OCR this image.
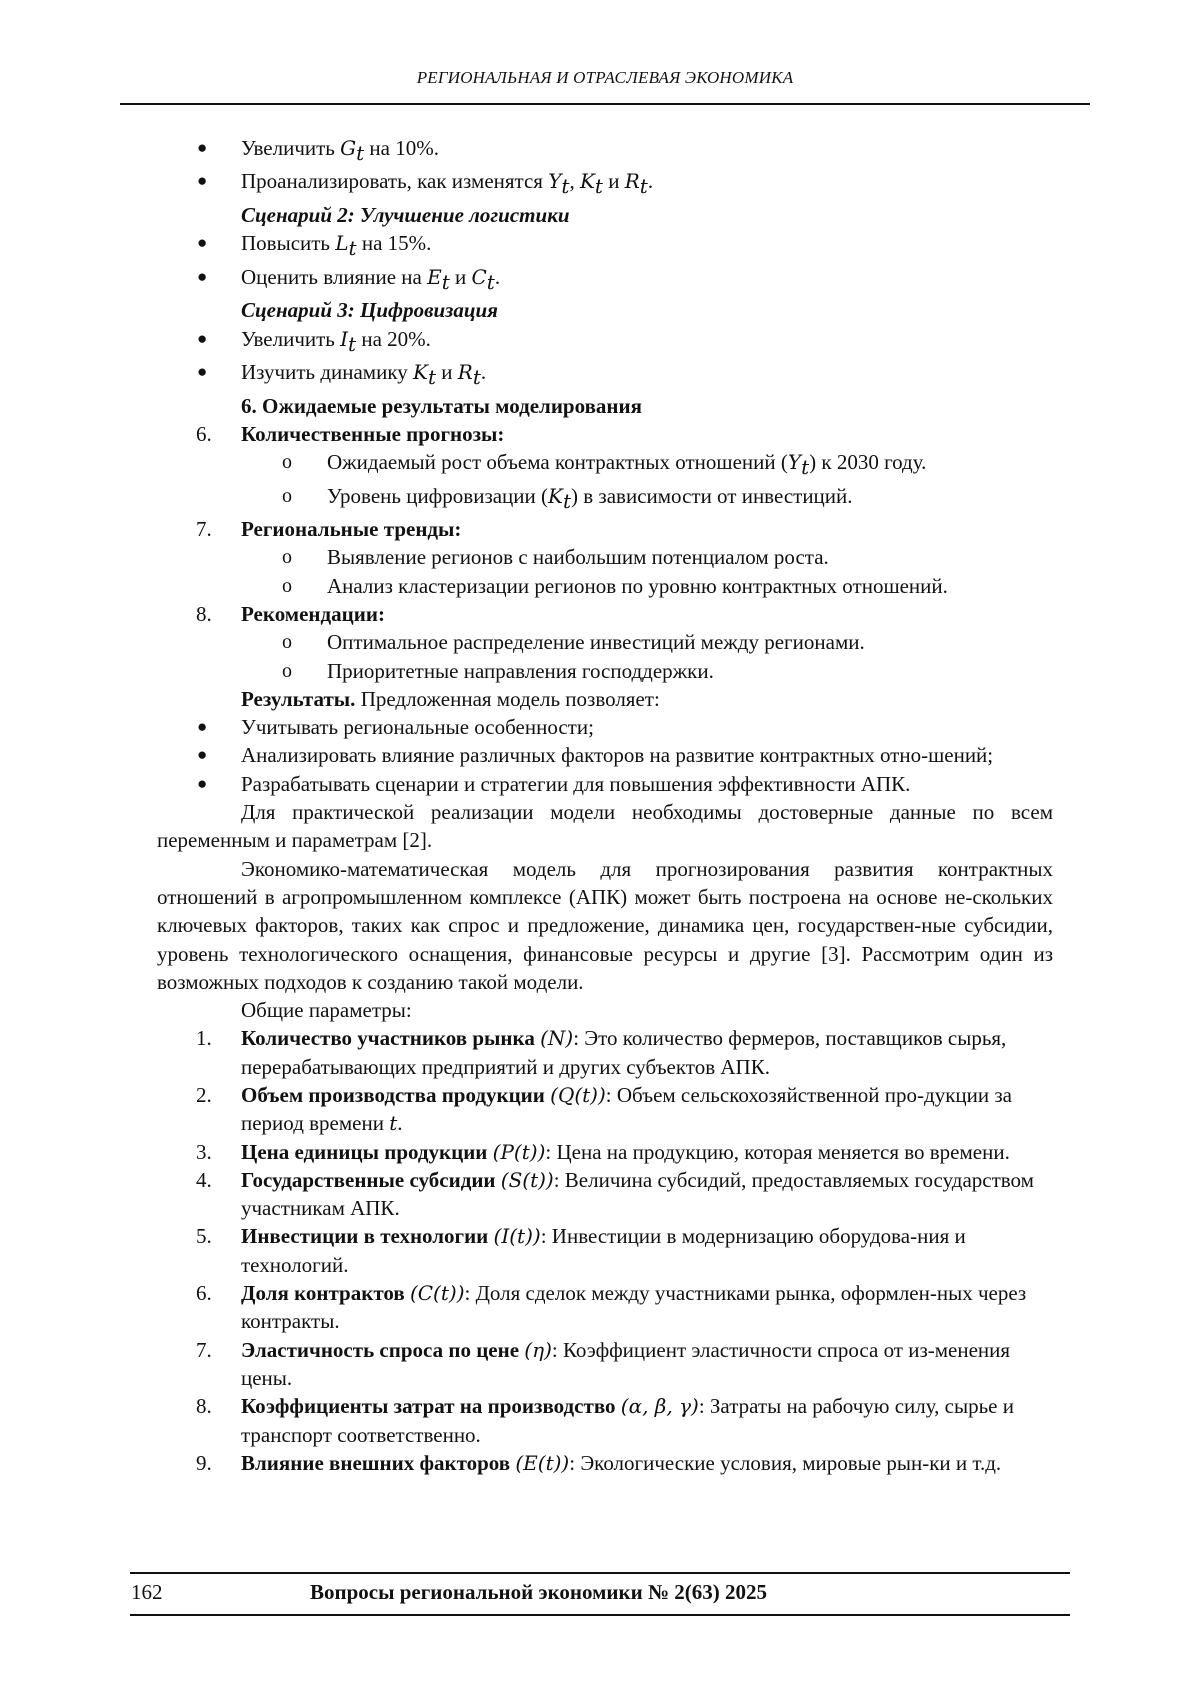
РЕГИОНАЛЬНАЯ И ОТРАСЛЕВАЯ ЭКОНОМИКА
● Увеличить $G_t$ на 10%.
● Проанализировать, как изменятся $Y_t$, $K_t$ и $R_t$.
Сценарий 2: Улучшение логистики
● Повысить $L_t$ на 15%.
● Оценить влияние на $E_t$ и $C_t$.
Сценарий 3: Цифровизация
● Увеличить $I_t$ на 20%.
● Изучить динамику $K_t$ и $R_t$.
6. Ожидаемые результаты моделирования
6. Количественные прогнозы:
o Ожидаемый рост объема контрактных отношений $(Y_t)$ к 2030 году.
o Уровень цифровизации $(K_t)$ в зависимости от инвестиций.
7. Региональные тренды:
o Выявление регионов с наибольшим потенциалом роста.
o Анализ кластеризации регионов по уровню контрактных отношений.
8. Рекомендации:
o Оптимальное распределение инвестиций между регионами.
o Приоритетные направления господдержки.
Результаты. Предложенная модель позволяет:
● Учитывать региональные особенности;
● Анализировать влияние различных факторов на развитие контрактных отно-шений;
● Разрабатывать сценарии и стратегии для повышения эффективности АПК.
Для практической реализации модели необходимы достоверные данные по всем переменным и параметрам [2].
Экономико-математическая модель для прогнозирования развития контрактных отношений в агропромышленном комплексе (АПК) может быть построена на основе не-скольких ключевых факторов, таких как спрос и предложение, динамика цен, государствен-ные субсидии, уровень технологического оснащения, финансовые ресурсы и другие [3]. Рассмотрим один из возможных подходов к созданию такой модели.
Общие параметры:
1. Количество участников рынка (N): Это количество фермеров, поставщиков сырья, перерабатывающих предприятий и других субъектов АПК.
2. Объем производства продукции (Q(t)): Объем сельскохозяйственной про-дукции за период времени t.
3. Цена единицы продукции (P(t)): Цена на продукцию, которая меняется во времени.
4. Государственные субсидии (S(t)): Величина субсидий, предоставляемых государством участникам АПК.
5. Инвестиции в технологии (I(t)): Инвестиции в модернизацию оборудова-ния и технологий.
6. Доля контрактов (C(t)): Доля сделок между участниками рынка, оформлен-ных через контракты.
7. Эластичность спроса по цене (η): Коэффициент эластичности спроса от из-менения цены.
8. Коэффициенты затрат на производство (α, β, γ): Затраты на рабочую силу, сырье и транспорт соответственно.
9. Влияние внешних факторов (E(t)): Экологические условия, мировые рын-ки и т.д.
162	Вопросы региональной экономики № 2(63) 2025
